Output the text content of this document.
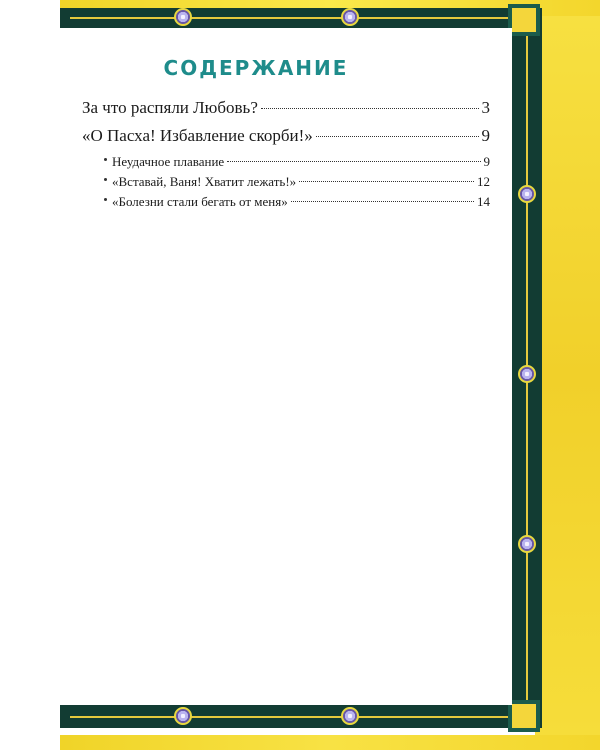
СОДЕРЖАНИЕ
За что распяли Любовь?	3
«О Пасха! Избавление скорби!»	9
Неудачное плавание	9
«Вставай, Ваня! Хватит лежать!»	12
«Болезни стали бегать от меня»	14
